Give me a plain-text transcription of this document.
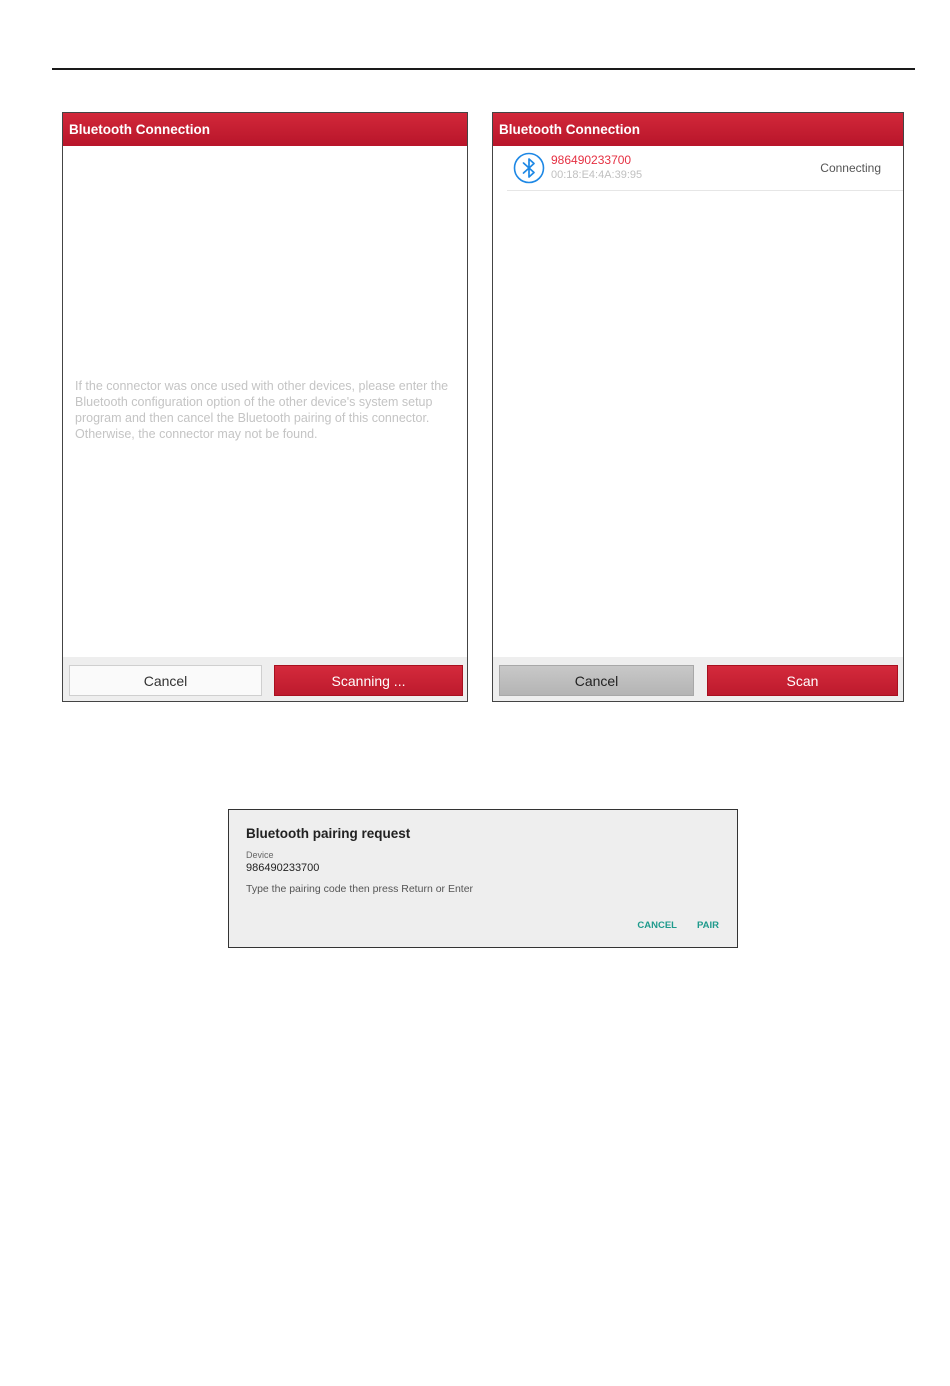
Bluetooth Connection
If the connector was once used with other devices, please enter the Bluetooth configuration option of the other device's system setup program and then cancel the Bluetooth pairing of this connector. Otherwise, the connector may not be found.
Cancel	Scanning ...
Bluetooth Connection
986490233700
00:18:E4:4A:39:95	Connecting
Cancel	Scan
Bluetooth pairing request
Device
986490233700
Type the pairing code then press Return or Enter
CANCEL PAIR
